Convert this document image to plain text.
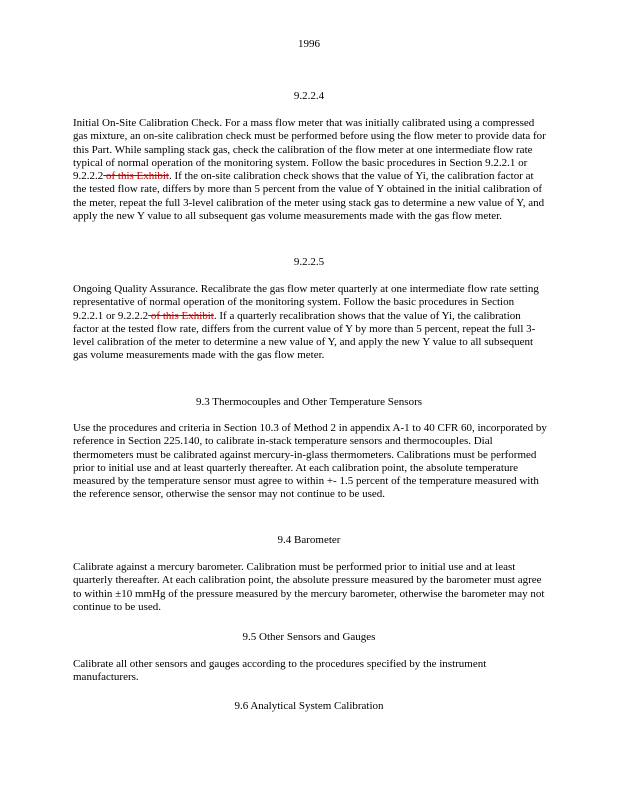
1996
9.2.2.4
Initial On-Site Calibration Check. For a mass flow meter that was initially calibrated using a compressed gas mixture, an on-site calibration check must be performed before using the flow meter to provide data for this Part. While sampling stack gas, check the calibration of the flow meter at one intermediate flow rate typical of normal operation of the monitoring system. Follow the basic procedures in Section 9.2.2.1 or 9.2.2.2 of this Exhibit. If the on-site calibration check shows that the value of Yi, the calibration factor at the tested flow rate, differs by more than 5 percent from the value of Y obtained in the initial calibration of the meter, repeat the full 3-level calibration of the meter using stack gas to determine a new value of Y, and apply the new Y value to all subsequent gas volume measurements made with the gas flow meter.
9.2.2.5
Ongoing Quality Assurance. Recalibrate the gas flow meter quarterly at one intermediate flow rate setting representative of normal operation of the monitoring system. Follow the basic procedures in Section 9.2.2.1 or 9.2.2.2 of this Exhibit. If a quarterly recalibration shows that the value of Yi, the calibration factor at the tested flow rate, differs from the current value of Y by more than 5 percent, repeat the full 3-level calibration of the meter to determine a new value of Y, and apply the new Y value to all subsequent gas volume measurements made with the gas flow meter.
9.3 Thermocouples and Other Temperature Sensors
Use the procedures and criteria in Section 10.3 of Method 2 in appendix A-1 to 40 CFR 60, incorporated by reference in Section 225.140, to calibrate in-stack temperature sensors and thermocouples. Dial thermometers must be calibrated against mercury-in-glass thermometers. Calibrations must be performed prior to initial use and at least quarterly thereafter. At each calibration point, the absolute temperature measured by the temperature sensor must agree to within +- 1.5 percent of the temperature measured with the reference sensor, otherwise the sensor may not continue to be used.
9.4 Barometer
Calibrate against a mercury barometer. Calibration must be performed prior to initial use and at least quarterly thereafter. At each calibration point, the absolute pressure measured by the barometer must agree to within ±10 mmHg of the pressure measured by the mercury barometer, otherwise the barometer may not continue to be used.
9.5 Other Sensors and Gauges
Calibrate all other sensors and gauges according to the procedures specified by the instrument manufacturers.
9.6 Analytical System Calibration
